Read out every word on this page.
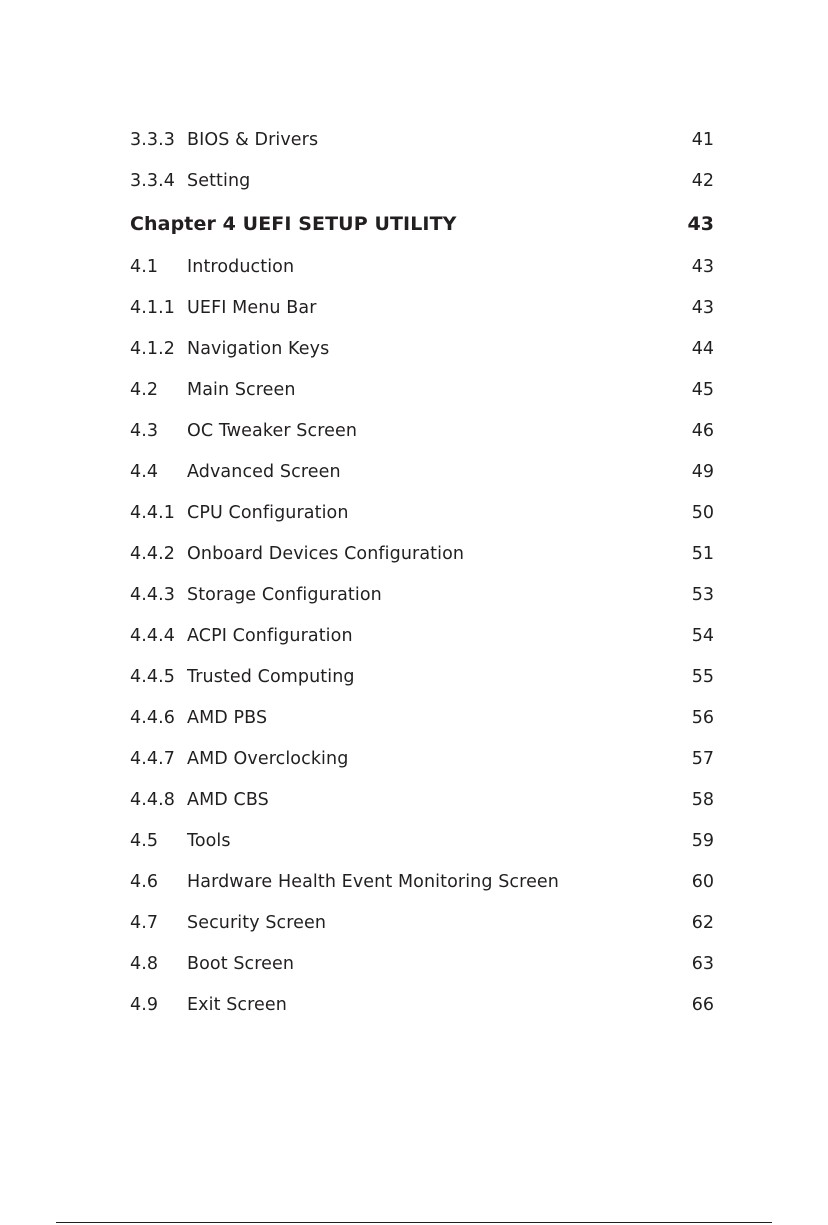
3.3.3 BIOS & Drivers	41
3.3.4 Setting	42
Chapter 4 UEFI SETUP UTILITY	43
4.1 Introduction	43
4.1.1 UEFI Menu Bar	43
4.1.2 Navigation Keys	44
4.2 Main Screen	45
4.3 OC Tweaker Screen	46
4.4 Advanced Screen	49
4.4.1 CPU Configuration	50
4.4.2 Onboard Devices Configuration	51
4.4.3 Storage Configuration	53
4.4.4 ACPI Configuration	54
4.4.5 Trusted Computing	55
4.4.6 AMD PBS	56
4.4.7 AMD Overclocking	57
4.4.8 AMD CBS	58
4.5 Tools	59
4.6 Hardware Health Event Monitoring Screen	60
4.7 Security Screen	62
4.8 Boot Screen	63
4.9 Exit Screen	66
